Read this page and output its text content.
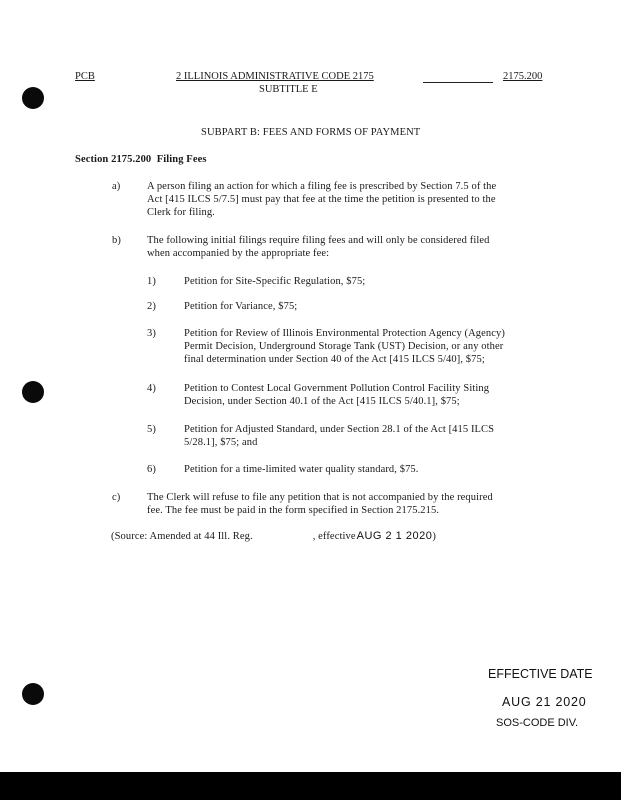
PCB	2 ILLINOIS ADMINISTRATIVE CODE 2175	2175.200
SUBTITLE E
SUBPART B: FEES AND FORMS OF PAYMENT
Section 2175.200 Filing Fees
a)	A person filing an action for which a filing fee is prescribed by Section 7.5 of the
Act [415 ILCS 5/7.5] must pay that fee at the time the petition is presented to the
Clerk for filing.
b) The following initial filings require filing fees and will only be considered filed
when accompanied by the appropriate fee:
1)	Petition for Site-Specific Regulation, $75;
2)	Petition for Variance, $75;
3)	Petition for Review of Illinois Environmental Protection Agency (Agency)
Permit Decision, Underground Storage Tank (UST) Decision, or any other
final determination under Section 40 of the Act [415 ILCS 5/40], $75;
4)	Petition to Contest Local Government Pollution Control Facility Siting
Decision, under Section 40.1 of the Act [415 ILCS 5/40.1], $75;
5)	Petition for Adjusted Standard, under Section 28.1 of the Act [415 ILCS
5/28.1], $75; and
6)	Petition for a time-limited water quality standard, $75.
c)	The Clerk will refuse to file any petition that is not accompanied by the required
fee. The fee must be paid in the form specified in Section 2175.215.
(Source: Amended at 44 Ill. Reg.	, effectiveAUG 2 1 2020)
EFFECTIVE DATE
AUG 21 2020
SOS-CODE DIV.
